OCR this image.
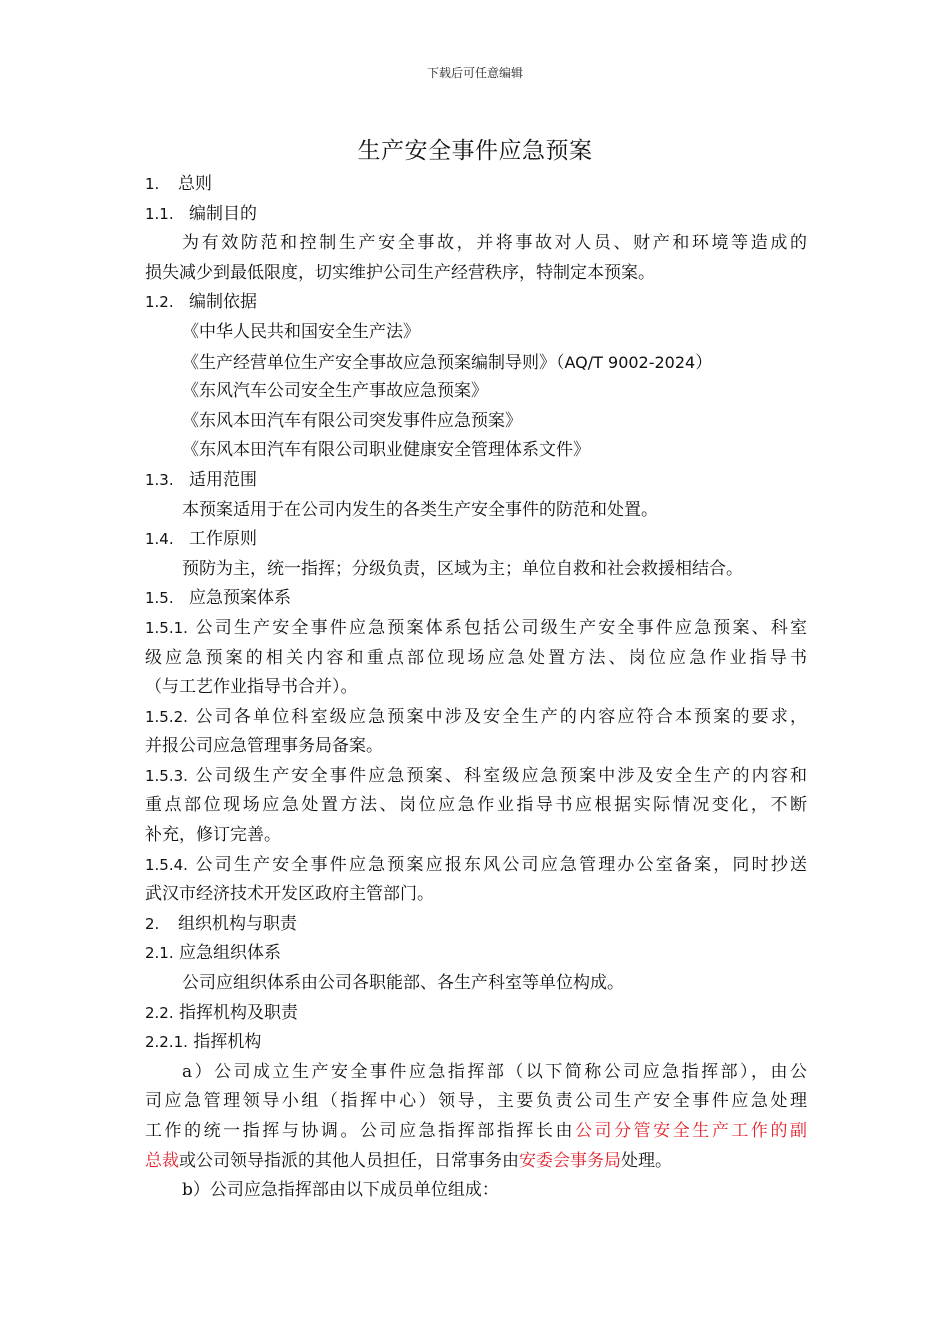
下载后可任意编辑
生产安全事件应急预案

1. 总则

1.1. 编制目的

为有效防范和控制生产安全事故，并将事故对人员、财产和环境等造成的

损失减少到最低限度，切实维护公司生产经营秩序，特制定本预案。

1.2. 编制依据

《中华人民共和国安全生产法》

《生产经营单位生产安全事故应急预案编制导则》（AQ/T 9002-2024）

《东风汽车公司安全生产事故应急预案》

《东风本田汽车有限公司突发事件应急预案》

《东风本田汽车有限公司职业健康安全管理体系文件》

1.3. 适用范围

本预案适用于在公司内发生的各类生产安全事件的防范和处置。

1.4. 工作原则

预防为主，统一指挥；分级负责，区域为主；单位自救和社会救援相结合。

1.5. 应急预案体系

1.5.1. 公司生产安全事件应急预案体系包括公司级生产安全事件应急预案、科室

级应急预案的相关内容和重点部位现场应急处置方法、岗位应急作业指导书

（与工艺作业指导书合并）。

1.5.2. 公司各单位科室级应急预案中涉及安全生产的内容应符合本预案的要求，

并报公司应急管理事务局备案。

1.5.3. 公司级生产安全事件应急预案、科室级应急预案中涉及安全生产的内容和

重点部位现场应急处置方法、岗位应急作业指导书应根据实际情况变化，不断

补充，修订完善。

1.5.4. 公司生产安全事件应急预案应报东风公司应急管理办公室备案，同时抄送

武汉市经济技术开发区政府主管部门。

2. 组织机构与职责

2.1. 应急组织体系

公司应组织体系由公司各职能部、各生产科室等单位构成。

2.2. 指挥机构及职责

2.2.1. 指挥机构

a）公司成立生产安全事件应急指挥部（以下简称公司应急指挥部），由公

司应急管理领导小组（指挥中心）领导，主要负责公司生产安全事件应急处理

工作的统一指挥与协调。公司应急指挥部指挥长由公司分管安全生产工作的副

总裁或公司领导指派的其他人员担任，日常事务由安委会事务局处理。

b）公司应急指挥部由以下成员单位组成：
